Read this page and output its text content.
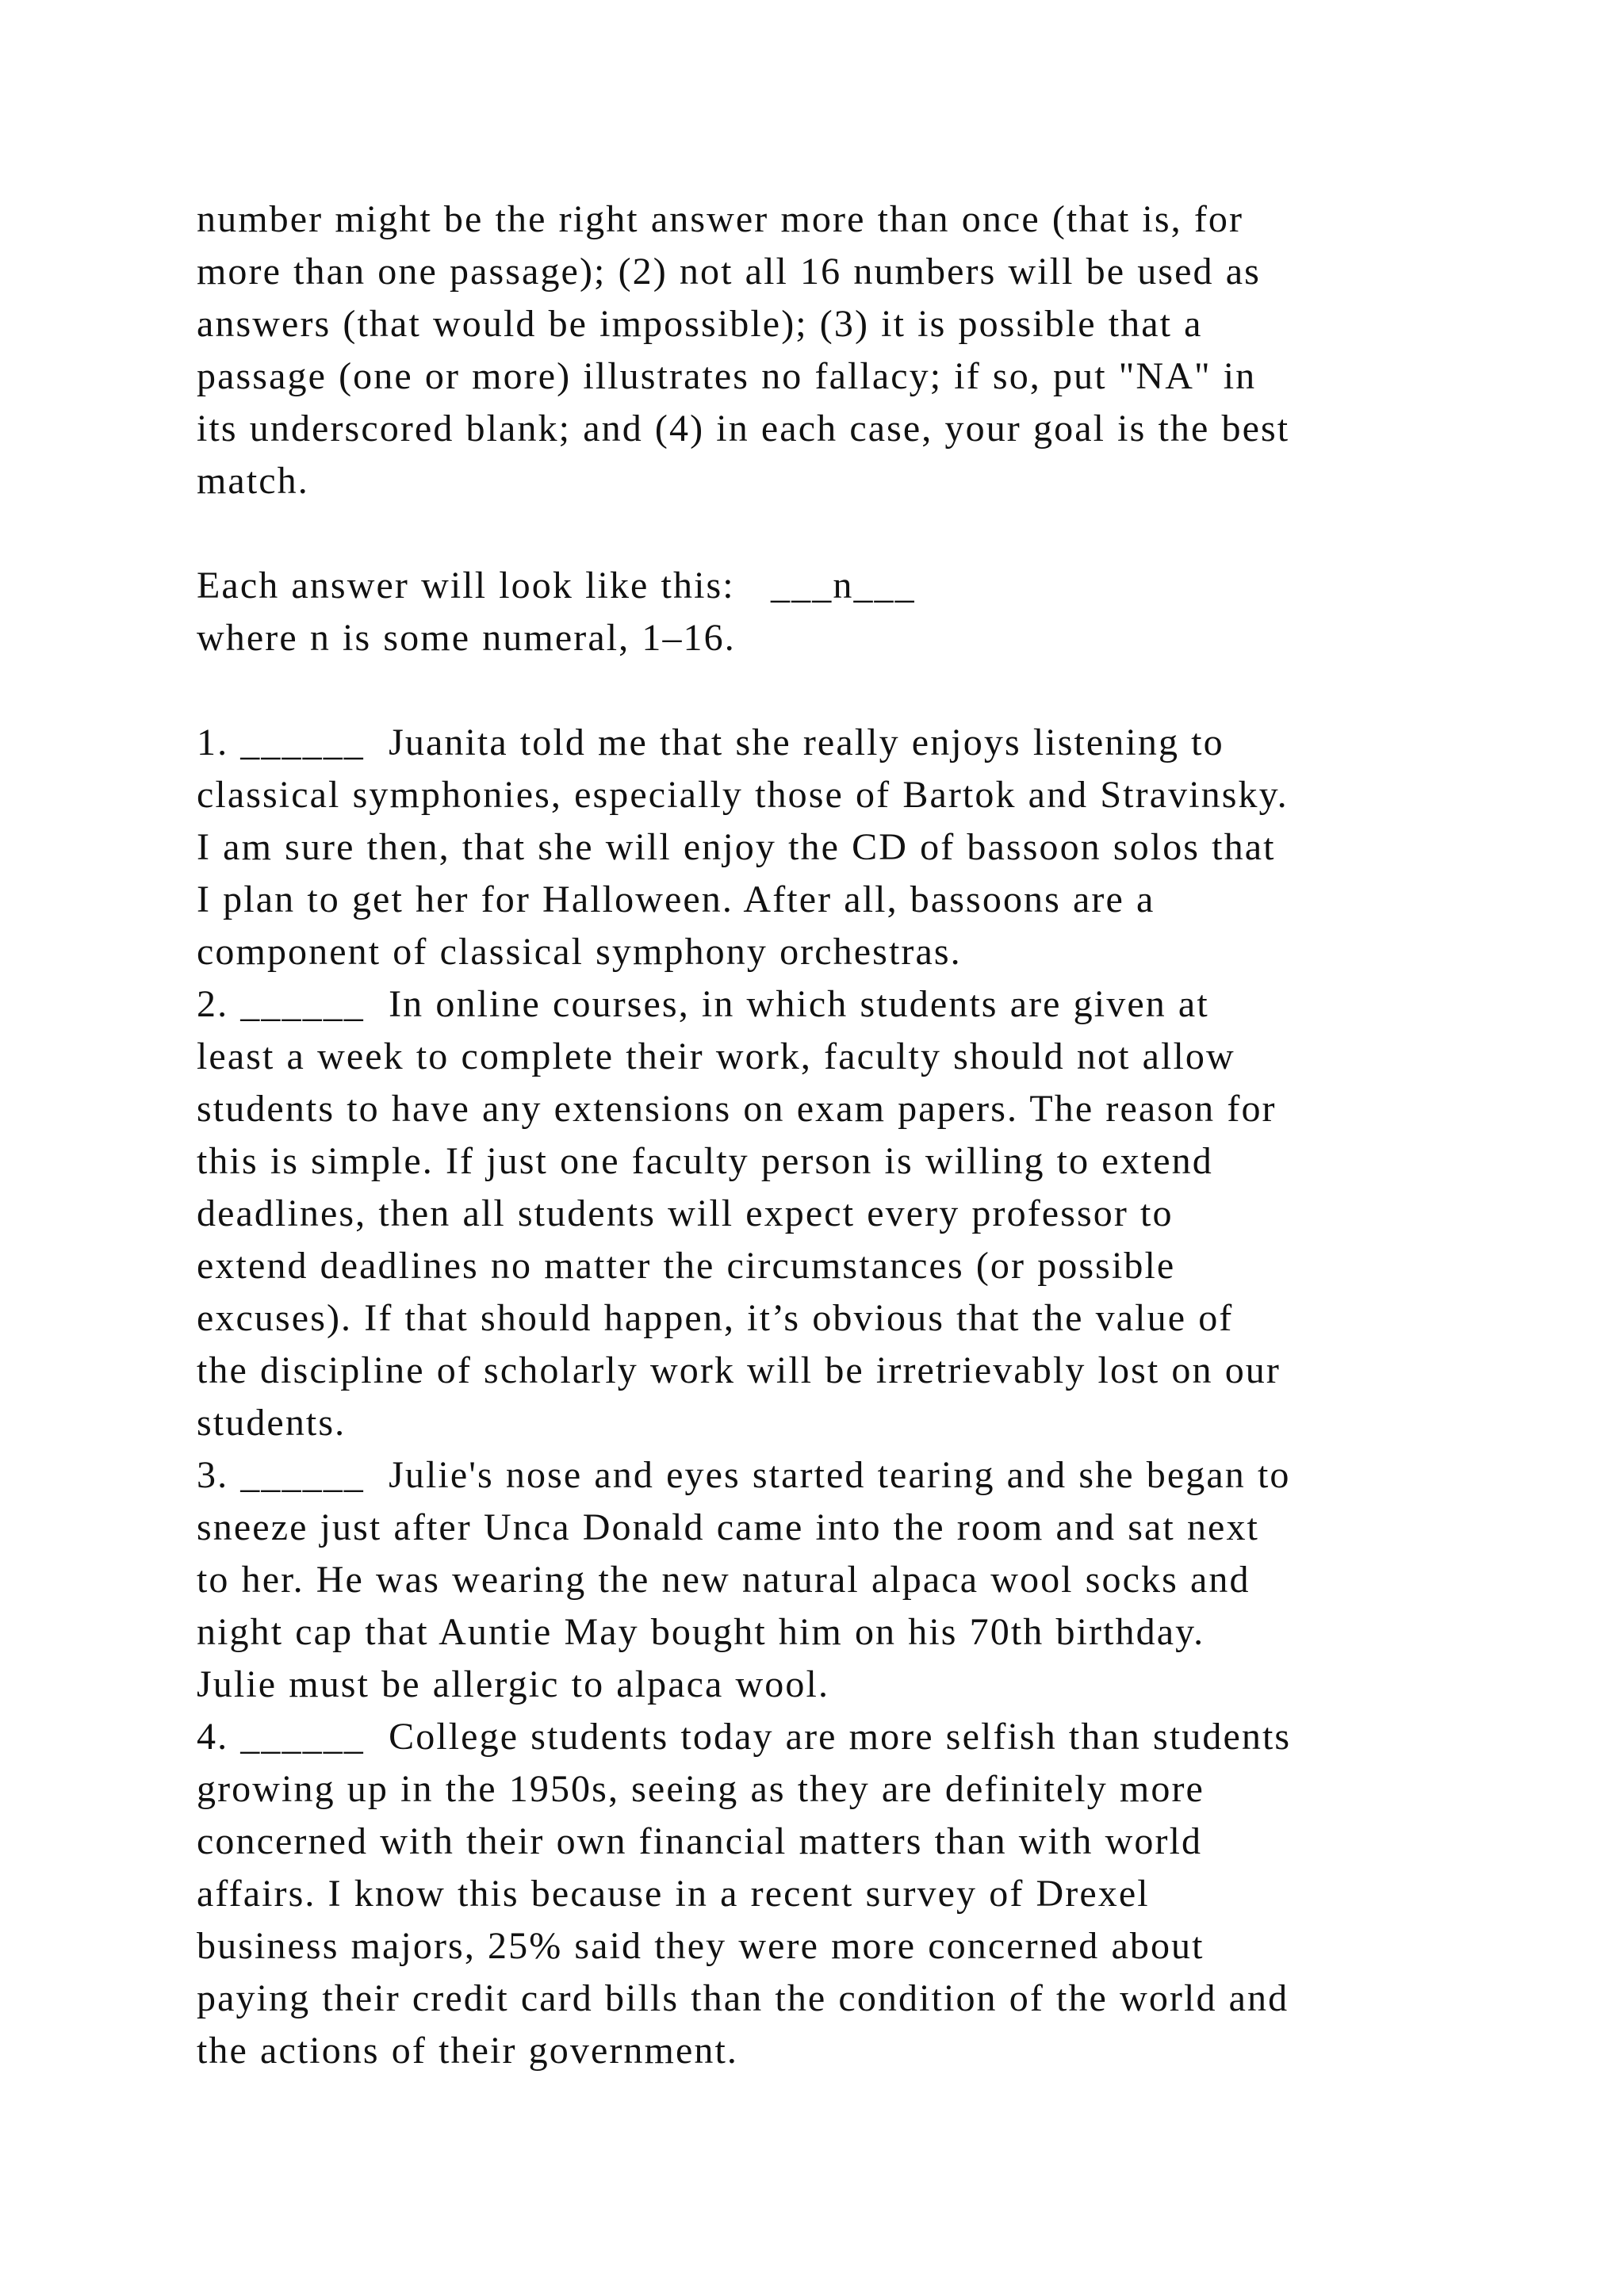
number might be the right answer more than once (that is, for
more than one passage); (2) not all 16 numbers will be used as
answers (that would be impossible); (3) it is possible that a
passage (one or more) illustrates no fallacy; if so, put "NA" in
its underscored blank; and (4) in each case, your goal is the best
match.
Each answer will look like this:   ___n___
where n is some numeral, 1–16.
1. ______  Juanita told me that she really enjoys listening to
classical symphonies, especially those of Bartok and Stravinsky.
I am sure then, that she will enjoy the CD of bassoon solos that
I plan to get her for Halloween. After all, bassoons are a
component of classical symphony orchestras.
2. ______  In online courses, in which students are given at
least a week to complete their work, faculty should not allow
students to have any extensions on exam papers. The reason for
this is simple. If just one faculty person is willing to extend
deadlines, then all students will expect every professor to
extend deadlines no matter the circumstances (or possible
excuses). If that should happen, it’s obvious that the value of
the discipline of scholarly work will be irretrievably lost on our
students.
3. ______  Julie's nose and eyes started tearing and she began to
sneeze just after Unca Donald came into the room and sat next
to her. He was wearing the new natural alpaca wool socks and
night cap that Auntie May bought him on his 70th birthday.
Julie must be allergic to alpaca wool.
4. ______  College students today are more selfish than students
growing up in the 1950s, seeing as they are definitely more
concerned with their own financial matters than with world
affairs. I know this because in a recent survey of Drexel
business majors, 25% said they were more concerned about
paying their credit card bills than the condition of the world and
the actions of their government.
